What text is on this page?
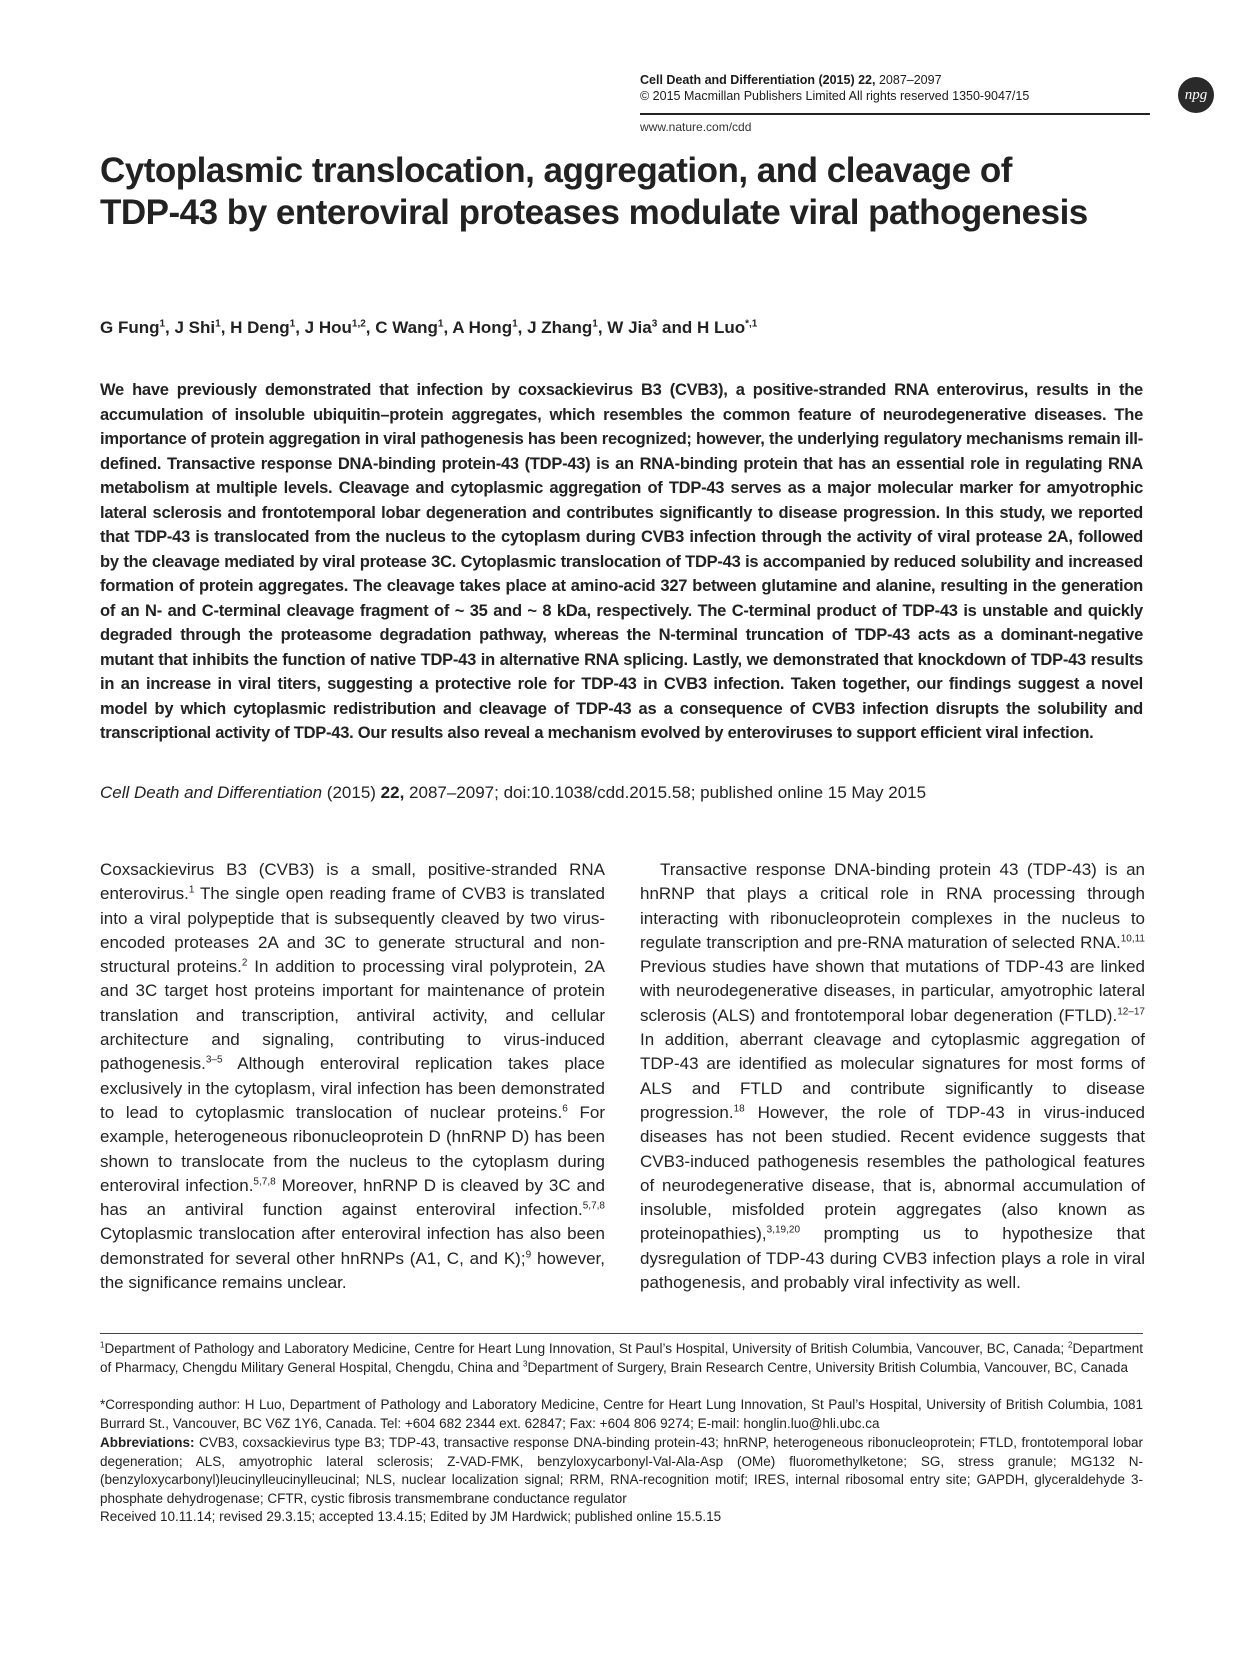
Cell Death and Differentiation (2015) 22, 2087–2097
© 2015 Macmillan Publishers Limited All rights reserved 1350-9047/15
www.nature.com/cdd
npg
Cytoplasmic translocation, aggregation, and cleavage of TDP-43 by enteroviral proteases modulate viral pathogenesis
G Fung$^1$, J Shi$^1$, H Deng$^1$, J Hou$^{1,2}$, C Wang$^1$, A Hong$^1$, J Zhang$^1$, W Jia$^3$ and H Luo$^{*,1}$
We have previously demonstrated that infection by coxsackievirus B3 (CVB3), a positive-stranded RNA enterovirus, results in the accumulation of insoluble ubiquitin–protein aggregates, which resembles the common feature of neurodegenerative diseases. The importance of protein aggregation in viral pathogenesis has been recognized; however, the underlying regulatory mechanisms remain ill-defined. Transactive response DNA-binding protein-43 (TDP-43) is an RNA-binding protein that has an essential role in regulating RNA metabolism at multiple levels. Cleavage and cytoplasmic aggregation of TDP-43 serves as a major molecular marker for amyotrophic lateral sclerosis and frontotemporal lobar degeneration and contributes significantly to disease progression. In this study, we reported that TDP-43 is translocated from the nucleus to the cytoplasm during CVB3 infection through the activity of viral protease 2A, followed by the cleavage mediated by viral protease 3C. Cytoplasmic translocation of TDP-43 is accompanied by reduced solubility and increased formation of protein aggregates. The cleavage takes place at amino-acid 327 between glutamine and alanine, resulting in the generation of an N- and C-terminal cleavage fragment of ~ 35 and ~ 8 kDa, respectively. The C-terminal product of TDP-43 is unstable and quickly degraded through the proteasome degradation pathway, whereas the N-terminal truncation of TDP-43 acts as a dominant-negative mutant that inhibits the function of native TDP-43 in alternative RNA splicing. Lastly, we demonstrated that knockdown of TDP-43 results in an increase in viral titers, suggesting a protective role for TDP-43 in CVB3 infection. Taken together, our findings suggest a novel model by which cytoplasmic redistribution and cleavage of TDP-43 as a consequence of CVB3 infection disrupts the solubility and transcriptional activity of TDP-43. Our results also reveal a mechanism evolved by enteroviruses to support efficient viral infection.
Cell Death and Differentiation (2015) 22, 2087–2097; doi:10.1038/cdd.2015.58; published online 15 May 2015
Coxsackievirus B3 (CVB3) is a small, positive-stranded RNA enterovirus.$^1$ The single open reading frame of CVB3 is translated into a viral polypeptide that is subsequently cleaved by two virus-encoded proteases 2A and 3C to generate structural and non-structural proteins.$^2$ In addition to processing viral polyprotein, 2A and 3C target host proteins important for maintenance of protein translation and transcription, antiviral activity, and cellular architecture and signaling, contributing to virus-induced pathogenesis.$^{3-5}$ Although enteroviral replication takes place exclusively in the cytoplasm, viral infection has been demonstrated to lead to cytoplasmic translocation of nuclear proteins.$^6$ For example, heterogeneous ribonucleoprotein D (hnRNP D) has been shown to translocate from the nucleus to the cytoplasm during enteroviral infection.$^{5,7,8}$ Moreover, hnRNP D is cleaved by 3C and has an antiviral function against enteroviral infection.$^{5,7,8}$ Cytoplasmic translocation after enteroviral infection has also been demonstrated for several other hnRNPs (A1, C, and K);$^9$ however, the significance remains unclear.
Transactive response DNA-binding protein 43 (TDP-43) is an hnRNP that plays a critical role in RNA processing through interacting with ribonucleoprotein complexes in the nucleus to regulate transcription and pre-RNA maturation of selected RNA.$^{10,11}$ Previous studies have shown that mutations of TDP-43 are linked with neurodegenerative diseases, in particular, amyotrophic lateral sclerosis (ALS) and frontotemporal lobar degeneration (FTLD).$^{12-17}$ In addition, aberrant cleavage and cytoplasmic aggregation of TDP-43 are identified as molecular signatures for most forms of ALS and FTLD and contribute significantly to disease progression.$^{18}$ However, the role of TDP-43 in virus-induced diseases has not been studied. Recent evidence suggests that CVB3-induced pathogenesis resembles the pathological features of neurodegenerative disease, that is, abnormal accumulation of insoluble, misfolded protein aggregates (also known as proteinopathies),$^{3,19,20}$ prompting us to hypothesize that dysregulation of TDP-43 during CVB3 infection plays a role in viral pathogenesis, and probably viral infectivity as well.
$^1$Department of Pathology and Laboratory Medicine, Centre for Heart Lung Innovation, St Paul’s Hospital, University of British Columbia, Vancouver, BC, Canada; $^2$Department of Pharmacy, Chengdu Military General Hospital, Chengdu, China and $^3$Department of Surgery, Brain Research Centre, University British Columbia, Vancouver, BC, Canada
*Corresponding author: H Luo, Department of Pathology and Laboratory Medicine, Centre for Heart Lung Innovation, St Paul’s Hospital, University of British Columbia, 1081 Burrard St., Vancouver, BC V6Z 1Y6, Canada. Tel: +604 682 2344 ext. 62847; Fax: +604 806 9274; E-mail: honglin.luo@hli.ubc.ca
Abbreviations: CVB3, coxsackievirus type B3; TDP-43, transactive response DNA-binding protein-43; hnRNP, heterogeneous ribonucleoprotein; FTLD, frontotemporal lobar degeneration; ALS, amyotrophic lateral sclerosis; Z-VAD-FMK, benzyloxycarbonyl-Val-Ala-Asp (OMe) fluoromethylketone; SG, stress granule; MG132 N-(benzyloxycarbonyl)leucinylleucinylleucinal; NLS, nuclear localization signal; RRM, RNA-recognition motif; IRES, internal ribosomal entry site; GAPDH, glyceraldehyde 3-phosphate dehydrogenase; CFTR, cystic fibrosis transmembrane conductance regulator
Received 10.11.14; revised 29.3.15; accepted 13.4.15; Edited by JM Hardwick; published online 15.5.15
